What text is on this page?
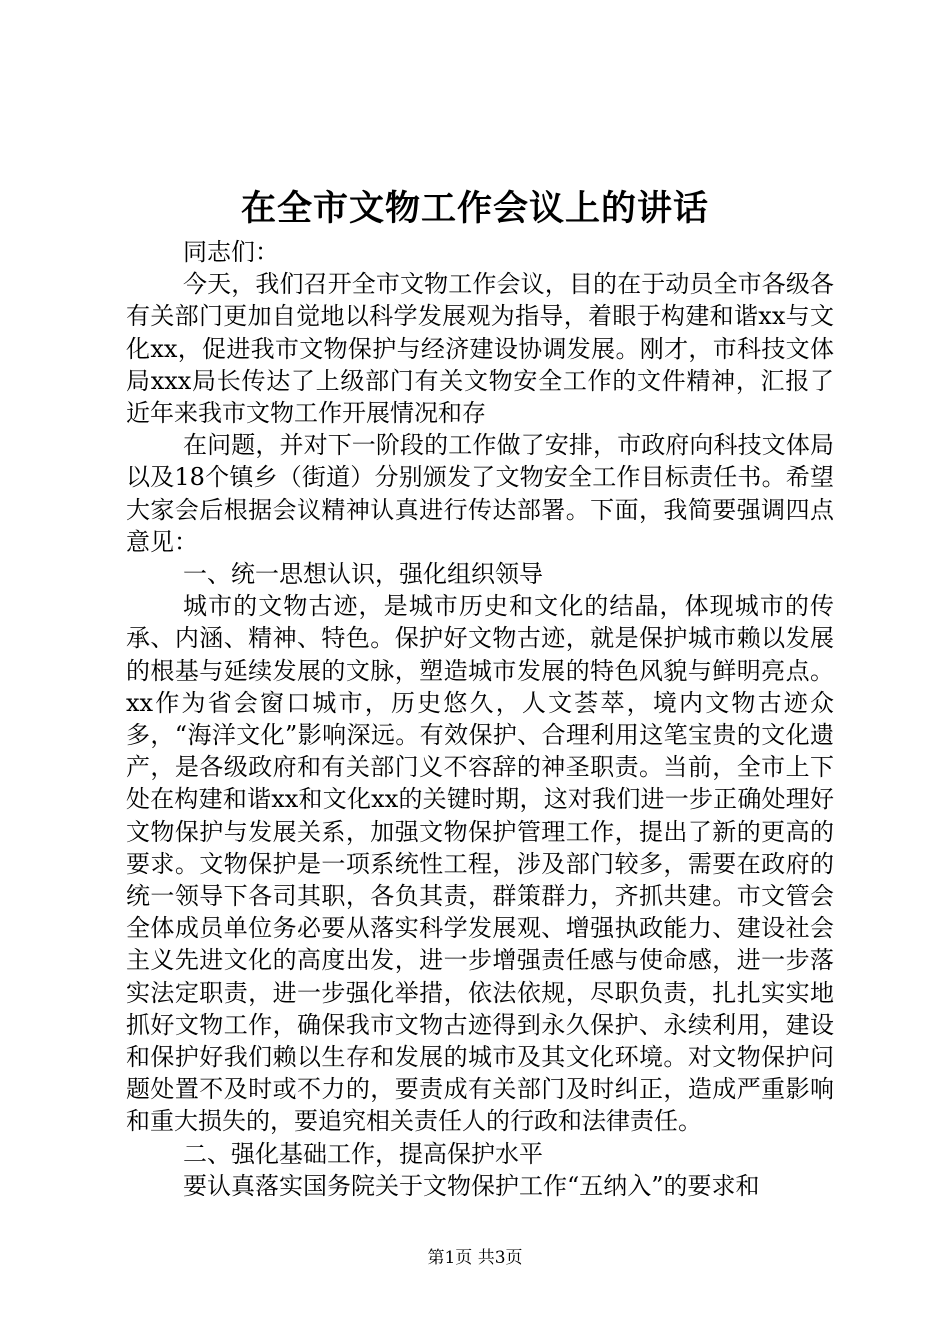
在全市文物工作会议上的讲话

同志们：

今天，我们召开全市文物工作会议，目的在于动员全市各级各有关部门更加自觉地以科学发展观为指导，着眼于构建和谐xx与文化xx，促进我市文物保护与经济建设协调发展。刚才，市科技文体局xxx局长传达了上级部门有关文物安全工作的文件精神，汇报了近年来我市文物工作开展情况和存

在问题，并对下一阶段的工作做了安排，市政府向科技文体局以及18个镇乡（街道）分别颁发了文物安全工作目标责任书。希望大家会后根据会议精神认真进行传达部署。下面，我简要强调四点意见：

一、统一思想认识，强化组织领导

城市的文物古迹，是城市历史和文化的结晶，体现城市的传承、内涵、精神、特色。保护好文物古迹，就是保护城市赖以发展的根基与延续发展的文脉，塑造城市发展的特色风貌与鲜明亮点。xx作为省会窗口城市，历史悠久，人文荟萃，境内文物古迹众多，“海洋文化”影响深远。有效保护、合理利用这笔宝贵的文化遗产，是各级政府和有关部门义不容辞的神圣职责。当前，全市上下处在构建和谐xx和文化xx的关键时期，这对我们进一步正确处理好文物保护与发展关系，加强文物保护管理工作，提出了新的更高的要求。文物保护是一项系统性工程，涉及部门较多，需要在政府的统一领导下各司其职，各负其责，群策群力，齐抓共建。市文管会全体成员单位务必要从落实科学发展观、增强执政能力、建设社会主义先进文化的高度出发，进一步增强责任感与使命感，进一步落实法定职责，进一步强化举措，依法依规，尽职负责，扎扎实实地抓好文物工作，确保我市文物古迹得到永久保护、永续利用，建设和保护好我们赖以生存和发展的城市及其文化环境。对文物保护问题处置不及时或不力的，要责成有关部门及时纠正，造成严重影响和重大损失的，要追究相关责任人的行政和法律责任。

二、强化基础工作，提高保护水平

要认真落实国务院关于文物保护工作“五纳入”的要求和

第1页 共3页
